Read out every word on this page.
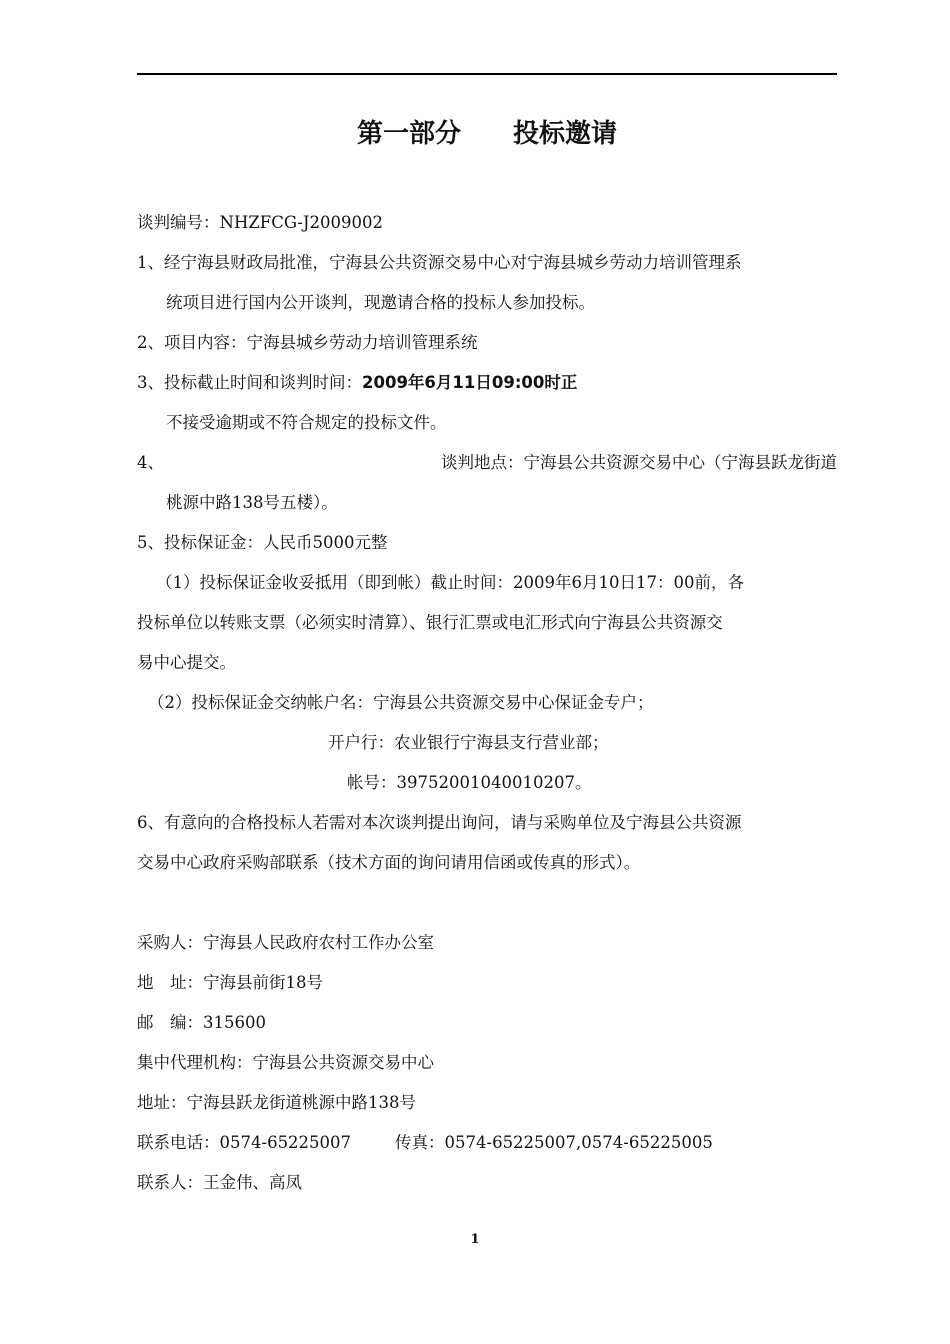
第一部分　　投标邀请
谈判编号：NHZFCG-J2009002
1、经宁海县财政局批准，宁海县公共资源交易中心对宁海县城乡劳动力培训管理系
统项目进行国内公开谈判，现邀请合格的投标人参加投标。
2、项目内容：宁海县城乡劳动力培训管理系统
3、投标截止时间和谈判时间：2009年6月11日09:00时正
不接受逾期或不符合规定的投标文件。
4、	谈判地点：宁海县公共资源交易中心（宁海县跃龙街道
桃源中路138号五楼）。
5、投标保证金：人民币5000元整
（1）投标保证金收妥抵用（即到帐）截止时间：2009年6月10日17：00前，各
投标单位以转账支票（必须实时清算）、银行汇票或电汇形式向宁海县公共资源交
易中心提交。
（2）投标保证金交纳帐户名：宁海县公共资源交易中心保证金专户；
开户行：农业银行宁海县支行营业部；
帐号：39752001040010207。
6、有意向的合格投标人若需对本次谈判提出询问，请与采购单位及宁海县公共资源
交易中心政府采购部联系（技术方面的询问请用信函或传真的形式）。
采购人：宁海县人民政府农村工作办公室
地　址：宁海县前街18号
邮　编：315600
集中代理机构：宁海县公共资源交易中心
地址：宁海县跃龙街道桃源中路138号
联系电话：0574-65225007	传真：0574-65225007,0574-65225005
联系人：王金伟、高凤
1
